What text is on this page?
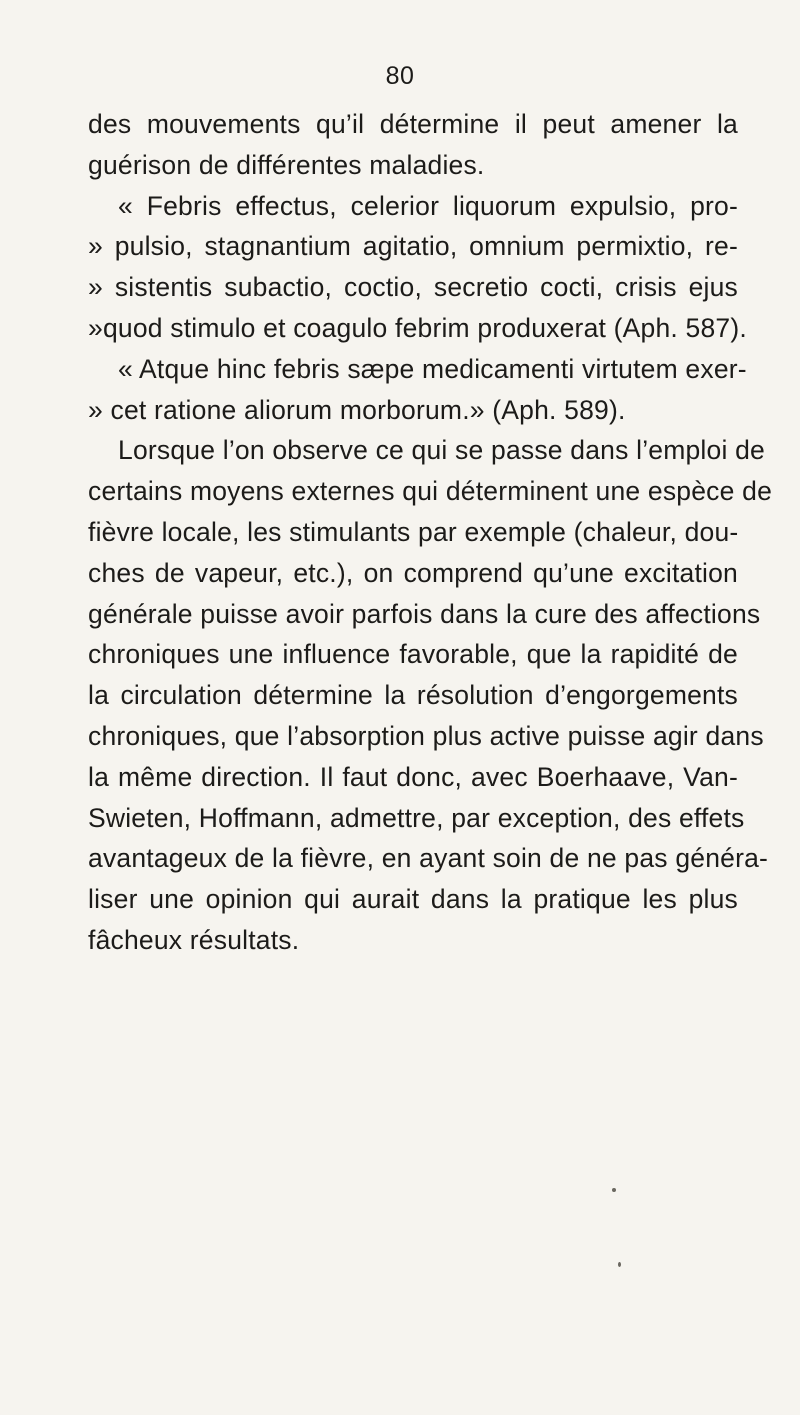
80
des mouvements qu’il détermine il peut amener la
guérison de différentes maladies.
« Febris effectus, celerior liquorum expulsio, pro-
» pulsio, stagnantium agitatio, omnium permixtio, re-
» sistentis subactio, coctio, secretio cocti, crisis ejus
»quod stimulo et coagulo febrim produxerat (Aph. 587).
« Atque hinc febris sæpe medicamenti virtutem exer-
» cet ratione aliorum morborum.» (Aph. 589).
Lorsque l’on observe ce qui se passe dans l’emploi de
certains moyens externes qui déterminent une espèce de
fièvre locale, les stimulants par exemple (chaleur, dou-
ches de vapeur, etc.), on comprend qu’une excitation
générale puisse avoir parfois dans la cure des affections
chroniques une influence favorable, que la rapidité de
la circulation détermine la résolution d’engorgements
chroniques, que l’absorption plus active puisse agir dans
la même direction. Il faut donc, avec Boerhaave, Van-
Swieten, Hoffmann, admettre, par exception, des effets
avantageux de la fièvre, en ayant soin de ne pas généra-
liser une opinion qui aurait dans la pratique les plus
fâcheux résultats.
